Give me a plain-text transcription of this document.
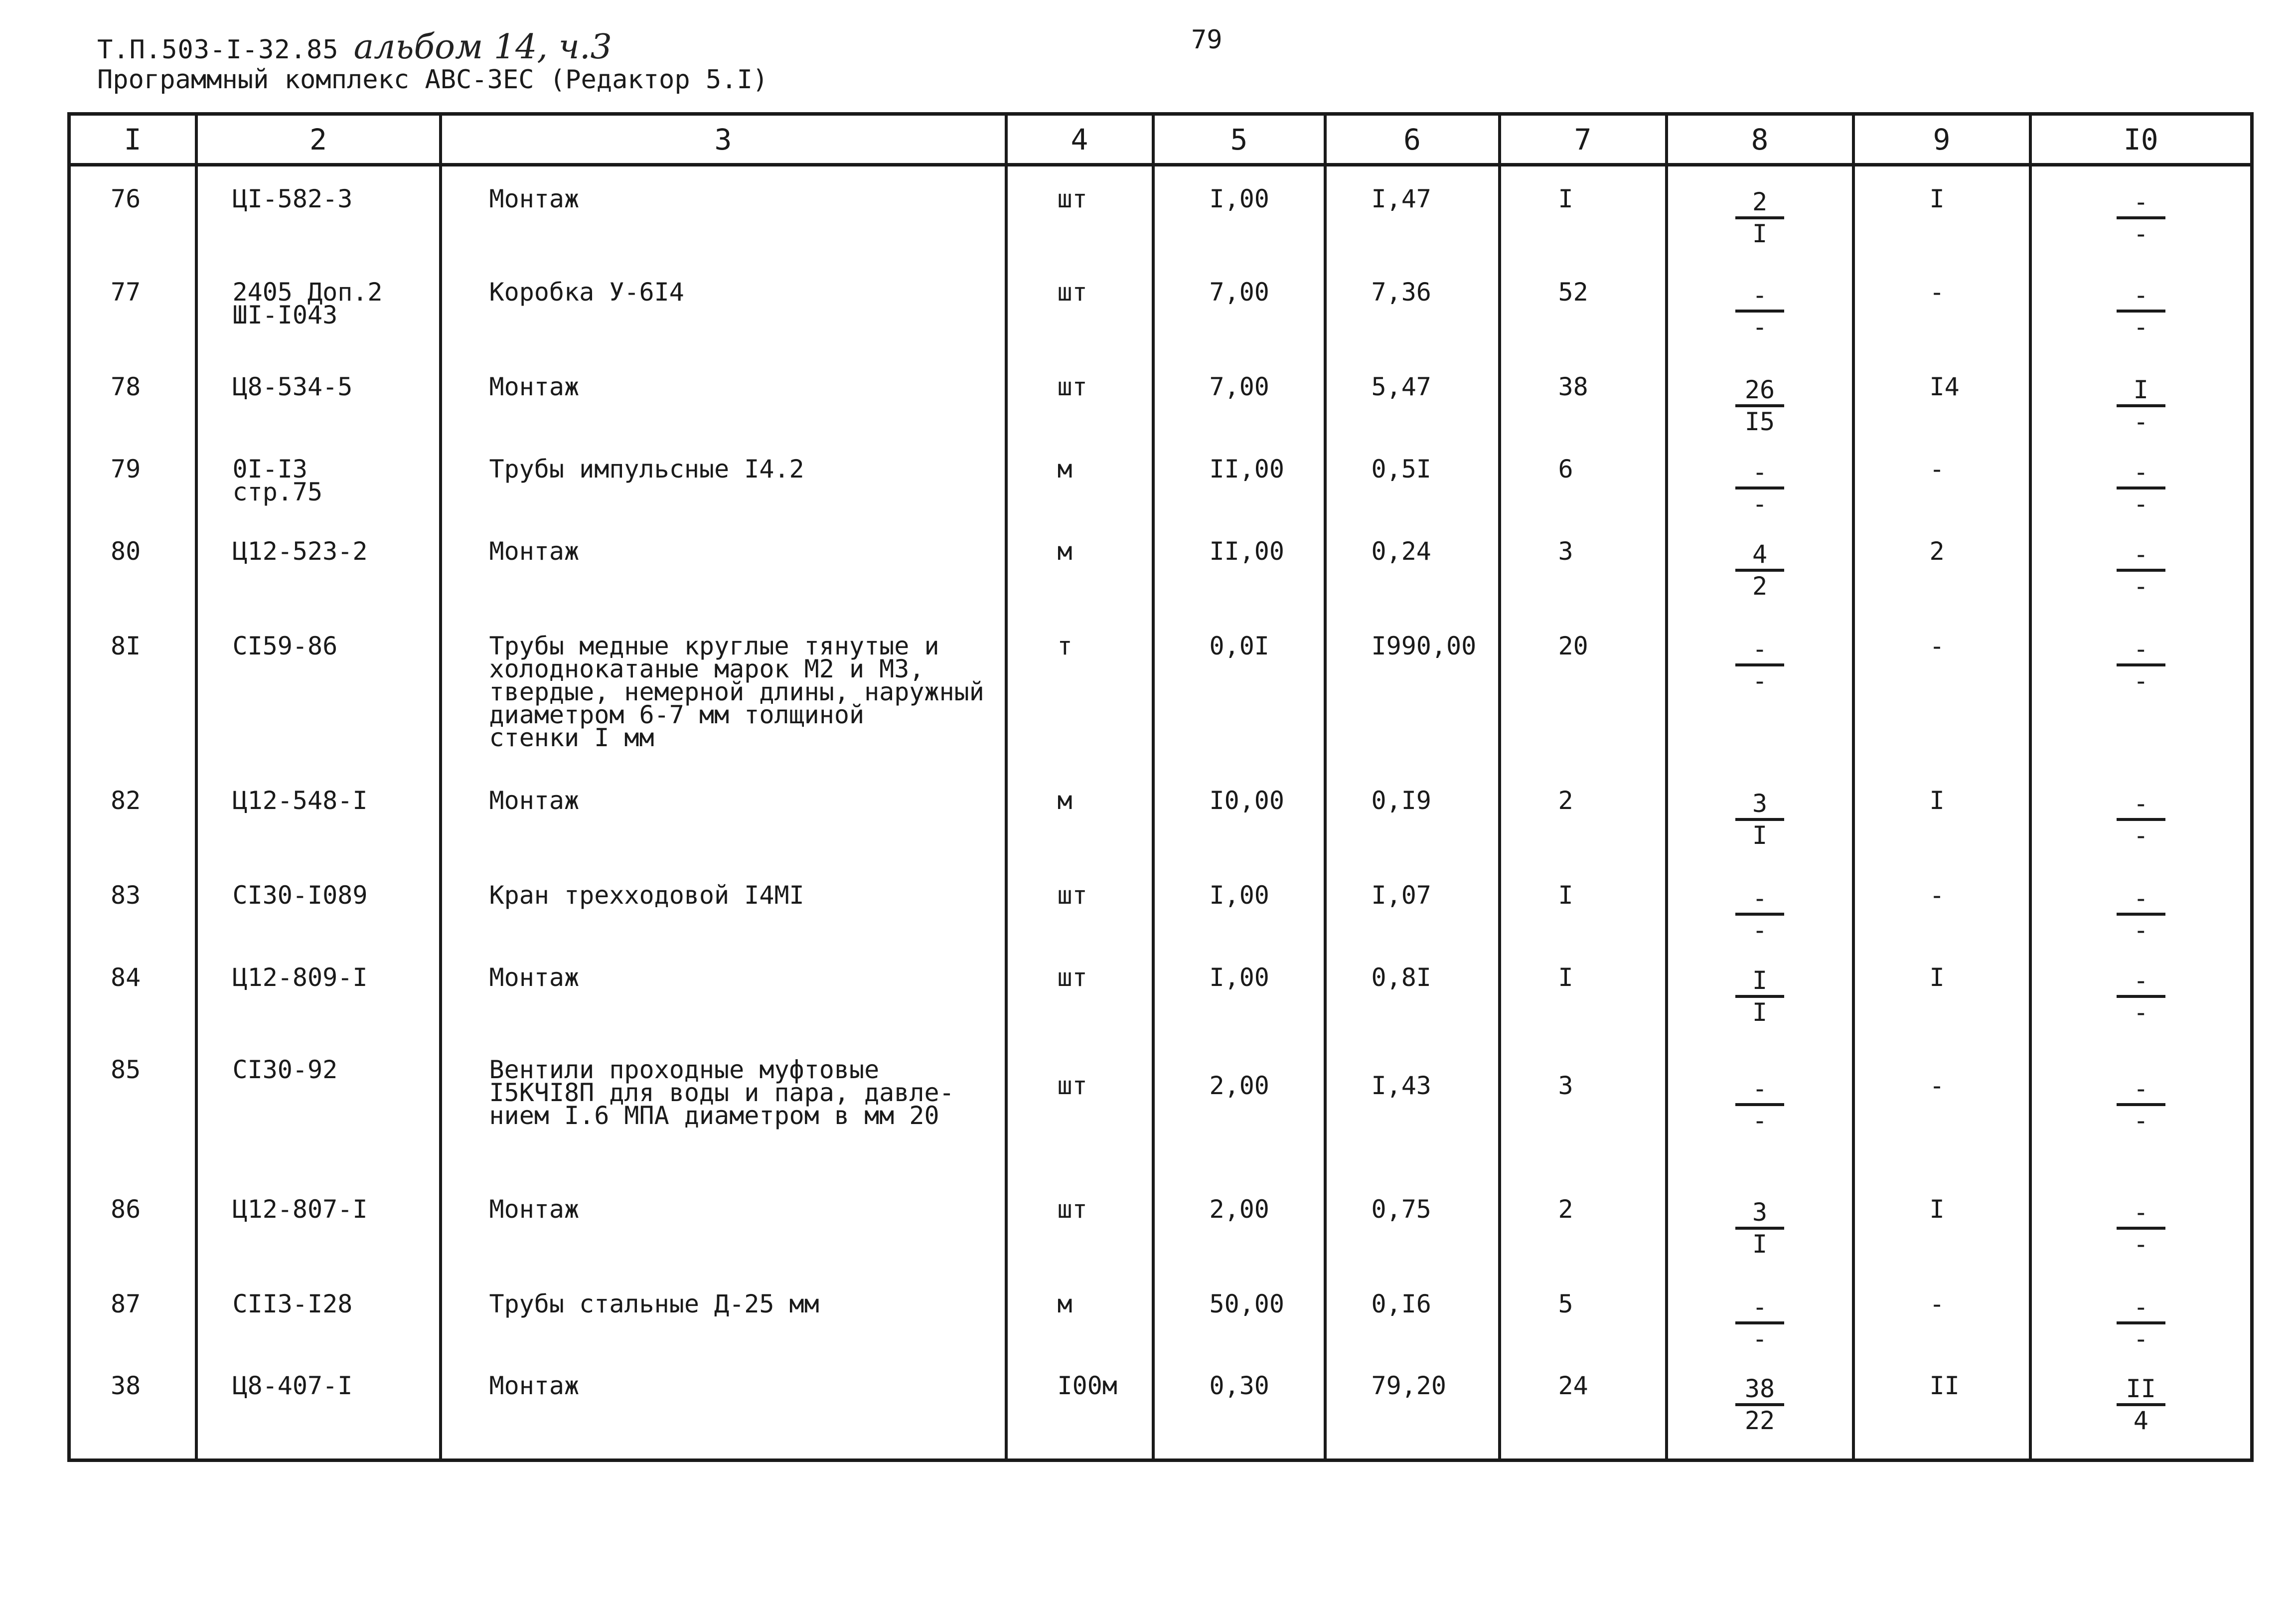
Т.П.503-I-32.85 альбом 14, ч.3
Программный комплекс АВС-3ЕС (Редактор 5.I)
79
I	2	3	4	5	6	7	8	9	I0

76	ЦI-582-3	Монтаж	шт	I,00	I,47	I	$\frac{2}{I}$	I	$\frac{-}{-}$

77	2405 Доп.2
ШI-I043	Коробка У-6I4	шт	7,00	7,36	52	$\frac{-}{-}$	-	$\frac{-}{-}$

78	Ц8-534-5	Монтаж	шт	7,00	5,47	38	$\frac{26}{I5}$	I4	$\frac{I}{-}$

79	0I-I3
стр.75	Трубы импульсные I4.2	м	II,00	0,5I	6	$\frac{-}{-}$	-	$\frac{-}{-}$

80	Ц12-523-2	Монтаж	м	II,00	0,24	3	$\frac{4}{2}$	2	$\frac{-}{-}$

8I	СI59-86	Трубы медные круглые тянутые и
холоднокатаные марок М2 и М3,
твердые, немерной длины, наружный
диаметром 6-7 мм толщиной
стенки I мм	т	0,0I	I990,00	20	$\frac{-}{-}$	-	$\frac{-}{-}$

82	Ц12-548-I	Монтаж	м	I0,00	0,I9	2	$\frac{3}{I}$	I	$\frac{-}{-}$

83	СI30-I089	Кран трехходовой I4МI	шт	I,00	I,07	I	$\frac{-}{-}$	-	$\frac{-}{-}$

84	Ц12-809-I	Монтаж	шт	I,00	0,8I	I	$\frac{I}{I}$	I	$\frac{-}{-}$

85	СI30-92	Вентили проходные муфтовые
I5КЧI8П для воды и пара, давле-
нием I.6 МПА диаметром в мм 20	шт	2,00	I,43	3	$\frac{-}{-}$	-	$\frac{-}{-}$

86	Ц12-807-I	Монтаж	шт	2,00	0,75	2	$\frac{3}{I}$	I	$\frac{-}{-}$

87	СII3-I28	Трубы стальные Д-25 мм	м	50,00	0,I6	5	$\frac{-}{-}$	-	$\frac{-}{-}$

38	Ц8-407-I	Монтаж	I00м	0,30	79,20	24	$\frac{38}{22}$	II	$\frac{II}{4}$
